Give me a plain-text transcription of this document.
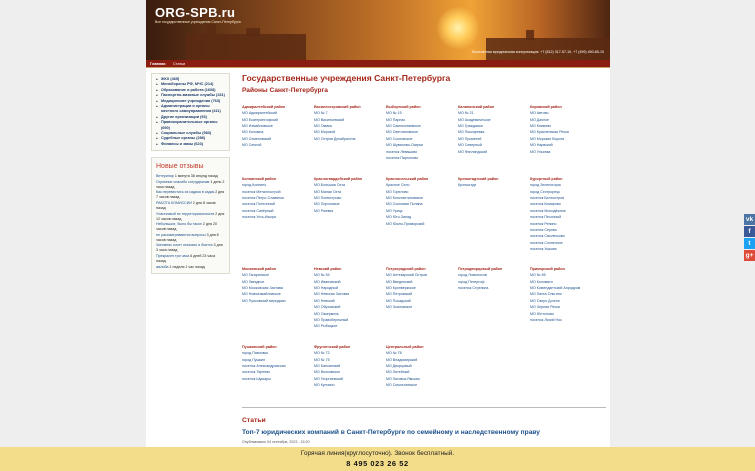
ORG-SPB.ru
Все государственные учреждения Санкт-Петербурга
Бесплатная юридическая консультация: +7 (812) 317-57-10, +7 (499) 450-85-10
Главная Статьи
■ ЖКХ (465)
■ Минобороны РФ, МЧС (214)
■ Образование и работа (1608)
■ Паспортно-визовые службы (231)
■ Медицинские учреждения (763)
■ Администрации и органы местного самоуправления (411)
■ Другие организации (93)
■ Правоохранительные органы (690)
■ Социальные службы (983)
■ Судебные органы (286)
■ Финансы и замы (623)
Новые отзывы
Ветеринар 1 минута 38 секунд назад
Огромное спасибо сотрудникам 1 день 2 часа назад
Как перевестись из садика в садик 2 дня 7 часов назад
РАБОТА КОМИССИИ 2 дня 8 часов назад
Участковый по территориальности 2 дня 12 часов назад
Небольшое, было бы такое 2 дня 20 часов назад
не рассматриваются вопросы 3 дня 8 часов назад
Чиновник хочет отказать и боится 3 дня 3 часа назад
Прекрасен три часа 6 дней 23 часа назад
жалоба 1 неделя 1 час назад
Государственные учреждения Санкт-Петербурга
Районы Санкт-Петербурга
Адмиралтейский район
МО Адмиралтейский
МО Екатерингофский
МО Измайловское
МО Коломна
МО Семеновский
МО Сенной
Василеостровский район
МО № 7
МО Васильевский
МО Гавань
МО Морской
МО Остров Декабристов
Выборгский район
МО № 15
МО Парнас
МО Сампсониевское
МО Светлановское
МО Сосновское
МО Шувалово-Озерки
поселок Левашово
поселок Парголово
Калининский район
МО № 21
МО Академическое
МО Гражданка
МО Пискаревка
МО Прометей
МО Северный
МО Финляндский
Кировский район
МО Автово
МО Дачное
МО Княжево
МО Красненькая Речка
МО Морские Ворота
МО Нарвский
МО Ульянка
Колпинский район
город Колпино
поселок Металлострой
поселок Петро-Славянка
поселок Понтонный
поселок Сапёрный
поселок Усть-Ижора
Красногвардейский район
МО Большая Охта
МО Малая Охта
МО Полюстрово
МО Пороховые
МО Ржевка
Красносельский район
Красное Село
МО Горелово
МО Константиновское
МО Сосновая Поляна
МО Урицк
МО Юго-Запад
МО Южно-Приморский
Кронштадтский район
Кронштадт
Курортный район
город Зеленогорск
город Сестрорецк
поселок Белоостров
поселок Комарово
поселок Молодёжное
поселок Песочный
поселок Репино
поселок Серово
поселок Смолячково
поселок Солнечное
поселок Ушково
Московский район
МО Гагаринское
МО Звездное
МО Московская Застава
МО Новоизмайловское
МО Пулковский меридиан
Невский район
МО № 54
МО Ивановский
МО Народный
МО Невская Застава
МО Невский
МО Обуховский
МО Оккервиль
МО Правобережный
МО Рыбацкое
Петроградский район
МО Аптекарский Остров
МО Введенский
МО Кронверкское
МО Петровский
МО Посадский
МО Чкаловское
Петродворцовый район
город Ломоносов
город Петергоф
поселок Стрельна
Приморский район
МО № 65
МО Коломяги
МО Комендантский Аэродром
МО Лахта-Ольгино
МО Озеро Долгое
МО Черная Речка
МО Юнтолово
поселок Лисий Нос
Пушкинский район
город Павловск
город Пушкин
поселок Александровская
поселок Тярлево
поселок Шушары
Фрунзенский район
МО № 72
МО № 75
МО Балканский
МО Волковское
МО Георгиевский
МО Купчино
Центральный район
МО № 78
МО Владимирский
МО Дворцовый
МО Литейный
МО Лиговка-Ямская
МО Смольнинское
Статьи
Топ-7 юридических компаний в Санкт-Петербурге по семейному и наследственному праву
Опубликовано 04 сентября, 2023 - 15:20
vk
f
t
g+
Горячая линия(круглосуточно). Звонок бесплатный.
8 495 023 26 52
